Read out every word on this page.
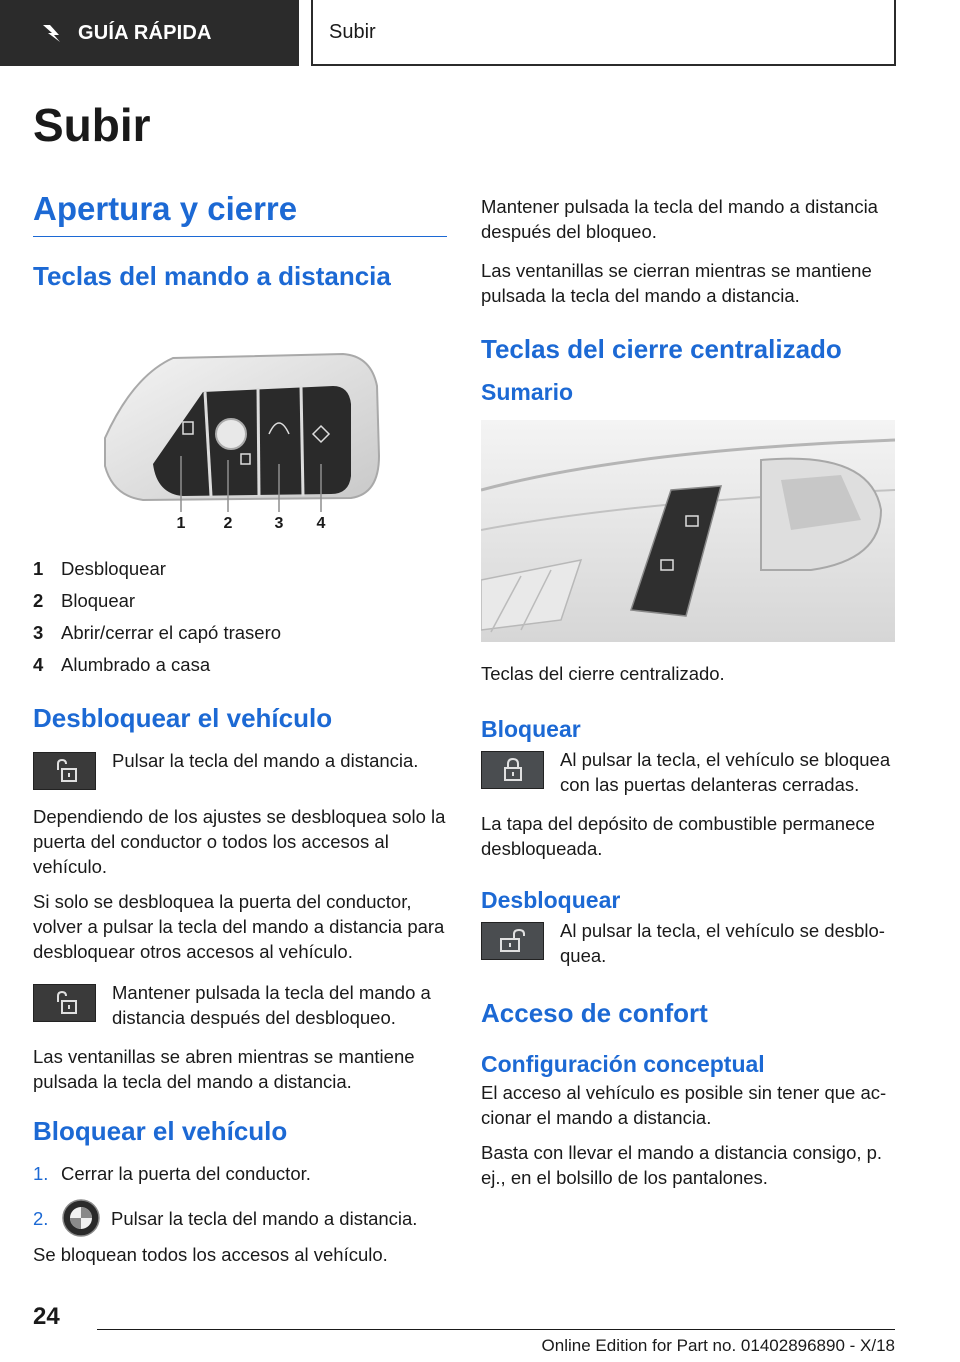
GUÍA RÁPIDA	Subir
Subir
Apertura y cierre
Teclas del mando a distancia
1 2	3 4
1 Desbloquear
2 Bloquear
3 Abrir/cerrar el capó trasero
4 Alumbrado a casa
Desbloquear el vehículo

Pulsar la tecla del mando a distancia.

Dependiendo de los ajustes se desbloquea solo la puerta del conductor o todos los accesos al vehículo.

Si solo se desbloquea la puerta del conductor, volver a pulsar la tecla del mando a distancia para desbloquear otros accesos al vehículo.

Mantener pulsada la tecla del mando a distancia después del desbloqueo.

Las ventanillas se abren mientras se mantiene pulsada la tecla del mando a distancia.

Bloquear el vehículo
1. Cerrar la puerta del conductor.
2.	Pulsar la tecla del mando a distancia.

Se bloquean todos los accesos al vehículo.

Mantener pulsada la tecla del mando a distancia después del bloqueo.

Las ventanillas se cierran mientras se mantiene pulsada la tecla del mando a distancia.

Teclas del cierre centralizado
Sumario

Teclas del cierre centralizado.

Bloquear

Al pulsar la tecla, el vehículo se bloquea con las puertas delanteras cerradas.

La tapa del depósito de combustible permanece desbloqueada.

Desbloquear

Al pulsar la tecla, el vehículo se desblo‐quea.

Acceso de confort
Configuración conceptual

El acceso al vehículo es posible sin tener que ac‐cionar el mando a distancia.

Basta con llevar el mando a distancia consigo, p. ej., en el bolsillo de los pantalones.

24
Online Edition for Part no. 01402896890 - X/18
